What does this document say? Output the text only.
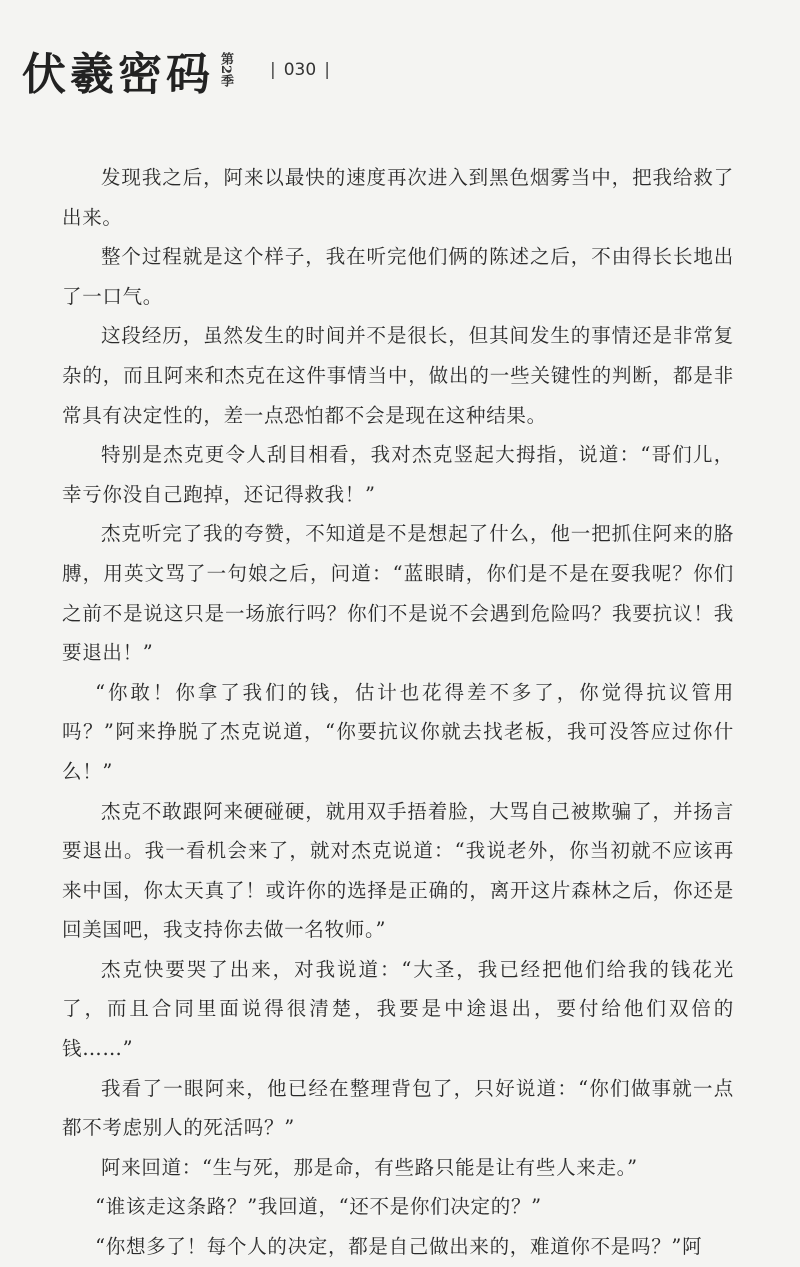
伏羲密码 第2季	| 030 |

发现我之后，阿来以最快的速度再次进入到黑色烟雾当中，把我给救了出来。

整个过程就是这个样子，我在听完他们俩的陈述之后，不由得长长地出了一口气。

这段经历，虽然发生的时间并不是很长，但其间发生的事情还是非常复杂的，而且阿来和杰克在这件事情当中，做出的一些关键性的判断，都是非常具有决定性的，差一点恐怕都不会是现在这种结果。

特别是杰克更令人刮目相看，我对杰克竖起大拇指，说道：“哥们儿，幸亏你没自己跑掉，还记得救我！”

杰克听完了我的夸赞，不知道是不是想起了什么，他一把抓住阿来的胳膊，用英文骂了一句娘之后，问道：“蓝眼睛，你们是不是在耍我呢？你们之前不是说这只是一场旅行吗？你们不是说不会遇到危险吗？我要抗议！我要退出！”

“你敢！你拿了我们的钱，估计也花得差不多了，你觉得抗议管用吗？”阿来挣脱了杰克说道，“你要抗议你就去找老板，我可没答应过你什么！”

杰克不敢跟阿来硬碰硬，就用双手捂着脸，大骂自己被欺骗了，并扬言要退出。我一看机会来了，就对杰克说道：“我说老外，你当初就不应该再来中国，你太天真了！或许你的选择是正确的，离开这片森林之后，你还是回美国吧，我支持你去做一名牧师。”

杰克快要哭了出来，对我说道：“大圣，我已经把他们给我的钱花光了，而且合同里面说得很清楚，我要是中途退出，要付给他们双倍的钱……”

我看了一眼阿来，他已经在整理背包了，只好说道：“你们做事就一点都不考虑别人的死活吗？”

阿来回道：“生与死，那是命，有些路只能是让有些人来走。”

“谁该走这条路？”我回道，“还不是你们决定的？”

“你想多了！每个人的决定，都是自己做出来的，难道你不是吗？”阿
